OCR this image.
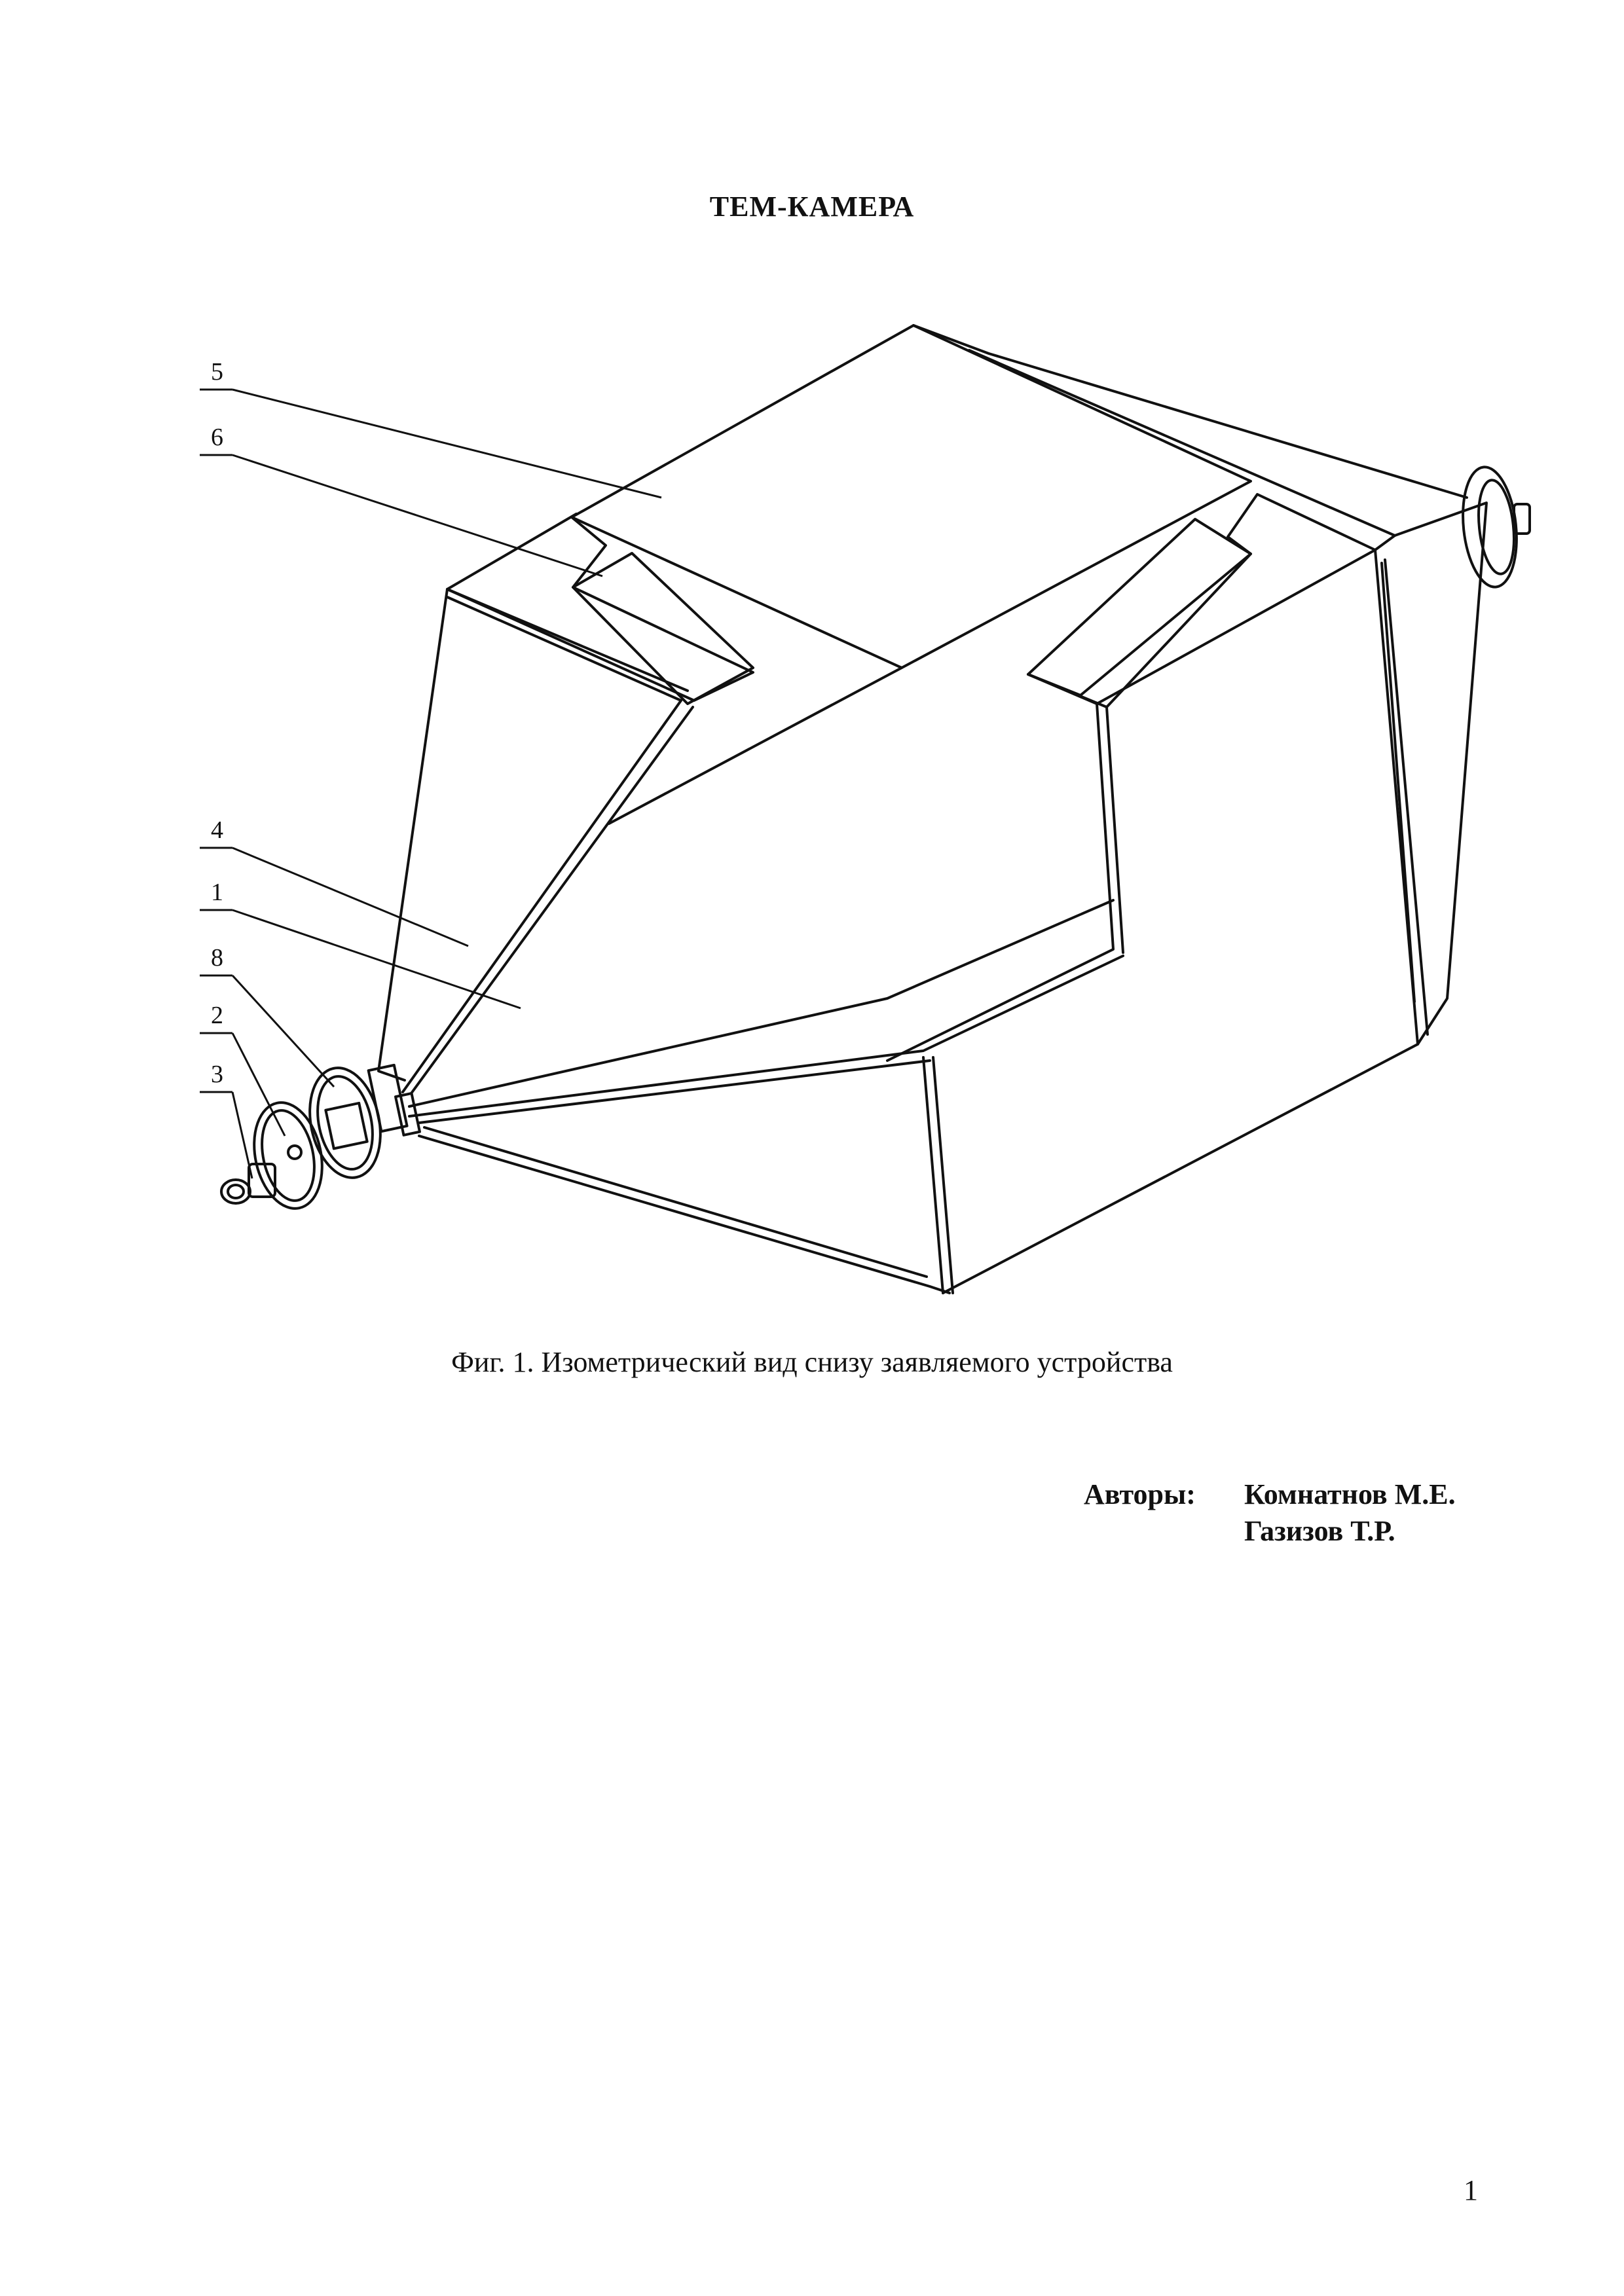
ТЕМ-КАМЕРА
5
6
4
1
8
2
3
Фиг. 1. Изометрический вид снизу заявляемого устройства
Авторы: Комнатнов М.Е.
Газизов Т.Р.
1
